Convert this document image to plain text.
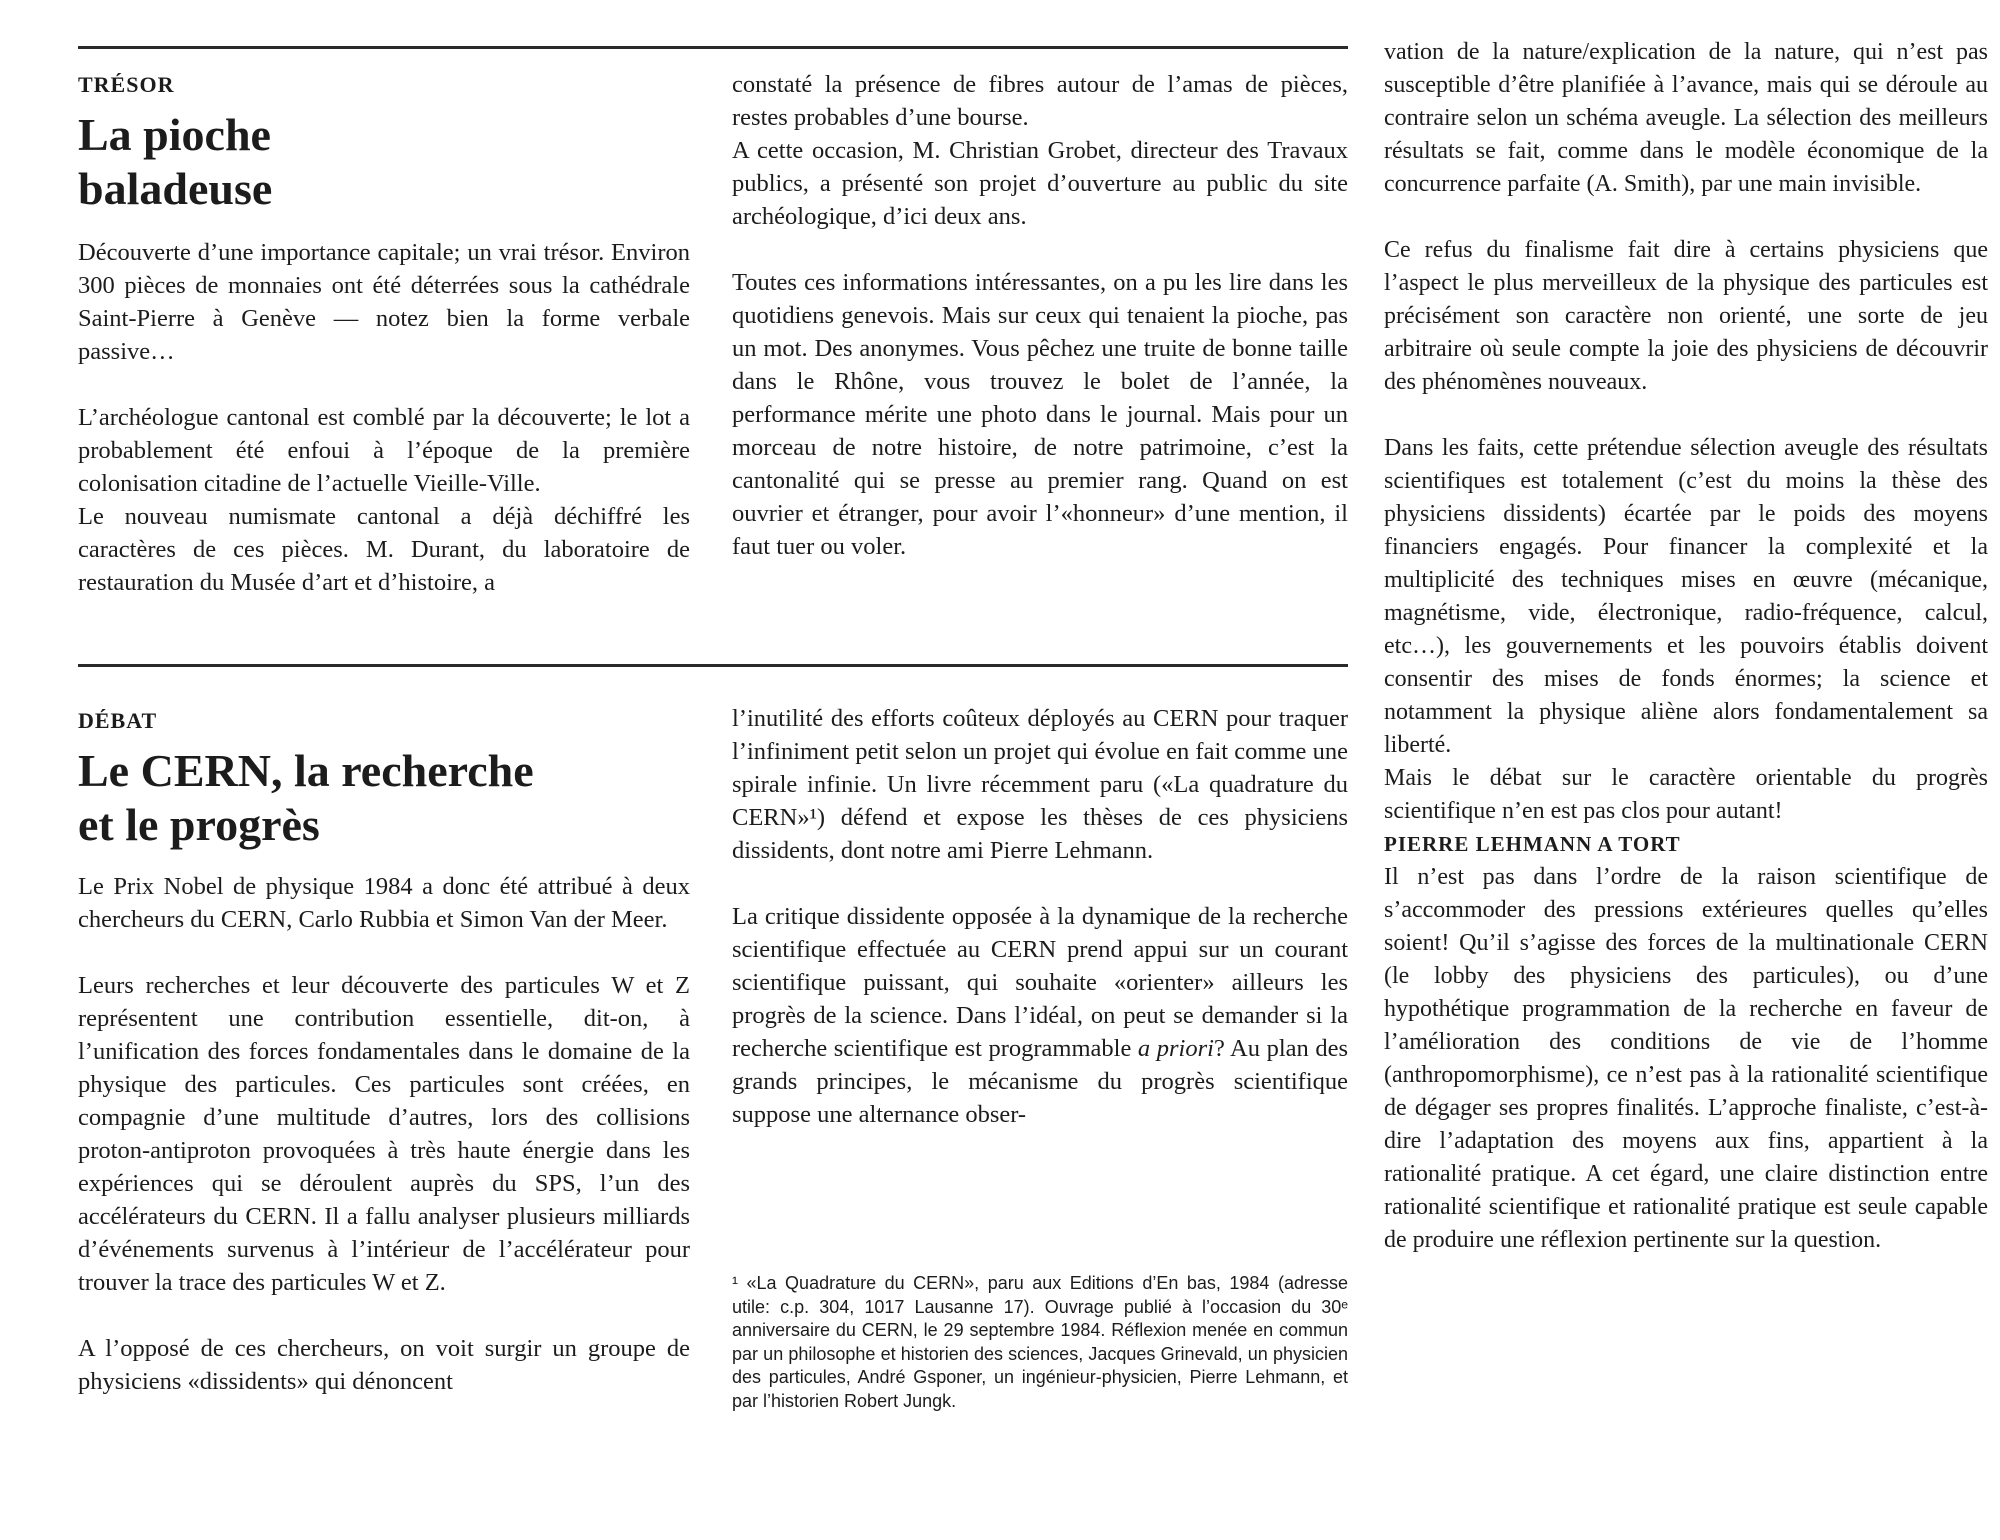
TRÉSOR

La pioche
baladeuse

Découverte d’une importance capitale; un vrai trésor. Environ 300 pièces de monnaies ont été déterrées sous la cathédrale Saint-Pierre à Genève — notez bien la forme verbale passive…

L’archéologue cantonal est comblé par la découverte; le lot a probablement été enfoui à l’époque de la première colonisation citadine de l’actuelle Vieille-Ville.

Le nouveau numismate cantonal a déjà déchiffré les caractères de ces pièces. M. Durant, du laboratoire de restauration du Musée d’art et d’histoire, a

constaté la présence de fibres autour de l’amas de pièces, restes probables d’une bourse.

A cette occasion, M. Christian Grobet, directeur des Travaux publics, a présenté son projet d’ouverture au public du site archéologique, d’ici deux ans.

Toutes ces informations intéressantes, on a pu les lire dans les quotidiens genevois. Mais sur ceux qui tenaient la pioche, pas un mot. Des anonymes. Vous pêchez une truite de bonne taille dans le Rhône, vous trouvez le bolet de l’année, la performance mérite une photo dans le journal. Mais pour un morceau de notre histoire, de notre patrimoine, c’est la cantonalité qui se presse au premier rang. Quand on est ouvrier et étranger, pour avoir l’«honneur» d’une mention, il faut tuer ou voler.

DÉBAT

Le CERN, la recherche
et le progrès

Le Prix Nobel de physique 1984 a donc été attribué à deux chercheurs du CERN, Carlo Rubbia et Simon Van der Meer.

Leurs recherches et leur découverte des particules W et Z représentent une contribution essentielle, dit-on, à l’unification des forces fondamentales dans le domaine de la physique des particules. Ces particules sont créées, en compagnie d’une multitude d’autres, lors des collisions proton-antiproton provoquées à très haute énergie dans les expériences qui se déroulent auprès du SPS, l’un des accélérateurs du CERN. Il a fallu analyser plusieurs milliards d’événements survenus à l’intérieur de l’accélérateur pour trouver la trace des particules W et Z.

A l’opposé de ces chercheurs, on voit surgir un groupe de physiciens «dissidents» qui dénoncent

l’inutilité des efforts coûteux déployés au CERN pour traquer l’infiniment petit selon un projet qui évolue en fait comme une spirale infinie. Un livre récemment paru («La quadrature du CERN»¹) défend et expose les thèses de ces physiciens dissidents, dont notre ami Pierre Lehmann.

La critique dissidente opposée à la dynamique de la recherche scientifique effectuée au CERN prend appui sur un courant scientifique puissant, qui souhaite «orienter» ailleurs les progrès de la science. Dans l’idéal, on peut se demander si la recherche scientifique est programmable a priori? Au plan des grands principes, le mécanisme du progrès scientifique suppose une alternance obser-

¹ «La Quadrature du CERN», paru aux Editions d’En bas, 1984 (adresse utile: c.p. 304, 1017 Lausanne 17). Ouvrage publié à l’occasion du 30ᵉ anniversaire du CERN, le 29 septembre 1984. Réflexion menée en commun par un philosophe et historien des sciences, Jacques Grinevald, un physicien des particules, André Gsponer, un ingénieur-physicien, Pierre Lehmann, et par l’historien Robert Jungk.

vation de la nature/explication de la nature, qui n’est pas susceptible d’être planifiée à l’avance, mais qui se déroule au contraire selon un schéma aveugle. La sélection des meilleurs résultats se fait, comme dans le modèle économique de la concurrence parfaite (A. Smith), par une main invisible.

Ce refus du finalisme fait dire à certains physiciens que l’aspect le plus merveilleux de la physique des particules est précisément son caractère non orienté, une sorte de jeu arbitraire où seule compte la joie des physiciens de découvrir des phénomènes nouveaux.

Dans les faits, cette prétendue sélection aveugle des résultats scientifiques est totalement (c’est du moins la thèse des physiciens dissidents) écartée par le poids des moyens financiers engagés. Pour financer la complexité et la multiplicité des techniques mises en œuvre (mécanique, magnétisme, vide, électronique, radio-fréquence, calcul, etc…), les gouvernements et les pouvoirs établis doivent consentir des mises de fonds énormes; la science et notamment la physique aliène alors fondamentalement sa liberté.

Mais le débat sur le caractère orientable du progrès scientifique n’en est pas clos pour autant!

PIERRE LEHMANN A TORT

Il n’est pas dans l’ordre de la raison scientifique de s’accommoder des pressions extérieures quelles qu’elles soient! Qu’il s’agisse des forces de la multinationale CERN (le lobby des physiciens des particules), ou d’une hypothétique programmation de la recherche en faveur de l’amélioration des conditions de vie de l’homme (anthropomorphisme), ce n’est pas à la rationalité scientifique de dégager ses propres finalités. L’approche finaliste, c’est-à-dire l’adaptation des moyens aux fins, appartient à la rationalité pratique. A cet égard, une claire distinction entre rationalité scientifique et rationalité pratique est seule capable de produire une réflexion pertinente sur la question.
